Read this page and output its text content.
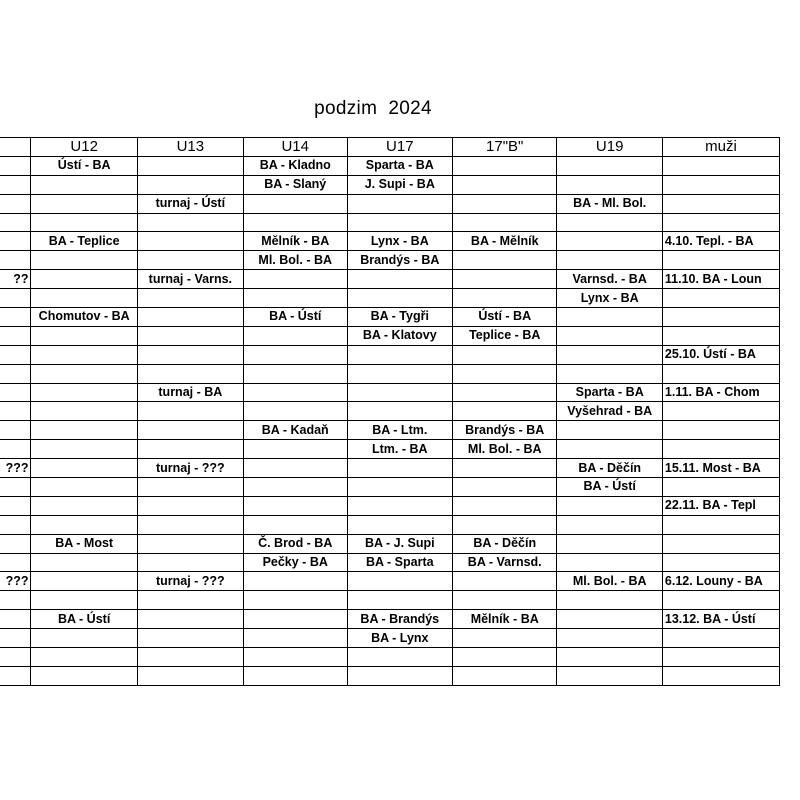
podzim  2024
	U12	U13	U14	U17	17"B"	U19	muži
	Ústí - BA		BA - Kladno	Sparta - BA			
			BA - Slaný	J. Supi - BA			
		turnaj - Ústí				BA - Ml. Bol.	

	BA - Teplice		Mělník - BA	Lynx - BA	BA - Mělník		4.10. Tepl. - BA
			Ml. Bol. - BA	Brandýs - BA			
??		turnaj - Varns.				Varnsd. - BA	11.10. BA - Loun
						Lynx - BA	
	Chomutov - BA		BA - Ústí	BA - Tygři	Ústí - BA		
				BA - Klatovy	Teplice - BA		
							25.10. Ústí - BA

		turnaj - BA				Sparta - BA	1.11. BA - Chom
						Vyšehrad - BA	
			BA - Kadaň	BA - Ltm.	Brandýs - BA		
				Ltm. - BA	Ml. Bol. - BA		
???		turnaj - ???				BA - Děčín	15.11. Most - BA
						BA - Ústí	
							22.11. BA - Tepl

	BA - Most		Č. Brod - BA	BA - J. Supi	BA - Děčín		
			Pečky - BA	BA - Sparta	BA - Varnsd.		
???		turnaj - ???				Ml. Bol. - BA	6.12. Louny - BA

	BA - Ústí			BA - Brandýs	Mělník - BA		13.12. BA - Ústí
				BA - Lynx			
